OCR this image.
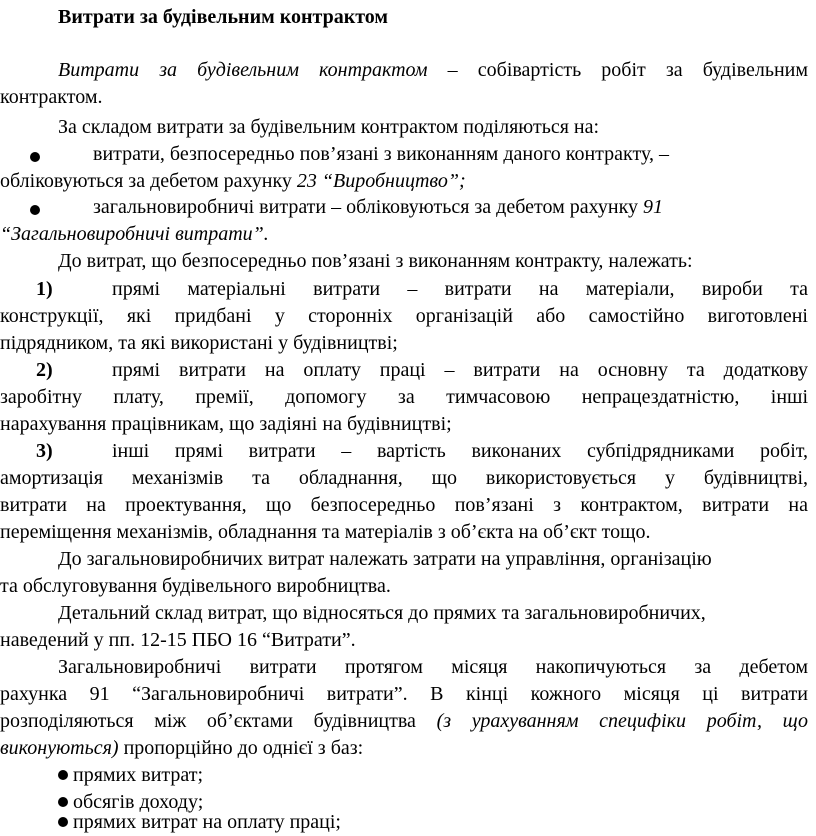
Витрати за будівельним контрактом
Витрати за будівельним контрактом – собівартість робіт за будівельним
контрактом.
За складом витрати за будівельним контрактом поділяються на:
витрати, безпосередньо пов’язані з виконанням даного контракту, –
обліковуються за дебетом рахунку 23 “Виробництво”;
загальновиробничі витрати – обліковуються за дебетом рахунку 91
“Загальновиробничі витрати”.
До витрат, що безпосередньо пов’язані з виконанням контракту, належать:
1)	прямі матеріальні витрати – витрати на матеріали, вироби та
конструкції, які придбані у сторонніх організацій або самостійно виготовлені
підрядником, та які використані у будівництві;
2)	прямі витрати на оплату праці – витрати на основну та додаткову
заробітну плату, премії, допомогу за тимчасовою непрацездатністю, інші
нарахування працівникам, що задіяні на будівництві;
3)	інші прямі витрати – вартість виконаних субпідрядниками робіт,
амортизація механізмів та обладнання, що використовується у будівництві,
витрати на проектування, що безпосередньо пов’язані з контрактом, витрати на
переміщення механізмів, обладнання та матеріалів з об’єкта на об’єкт тощо.
До загальновиробничих витрат належать затрати на управління, організацію
та обслуговування будівельного виробництва.
Детальний склад витрат, що відносяться до прямих та загальновиробничих,
наведений у пп. 12-15 ПБО 16 “Витрати”.
Загальновиробничі витрати протягом місяця накопичуються за дебетом
рахунка 91 “Загальновиробничі витрати”. В кінці кожного місяця ці витрати
розподіляються між об’єктами будівництва (з урахуванням специфіки робіт, що
виконуються) пропорційно до однієї з баз:
прямих витрат;
обсягів доходу;
прямих витрат на оплату праці;
